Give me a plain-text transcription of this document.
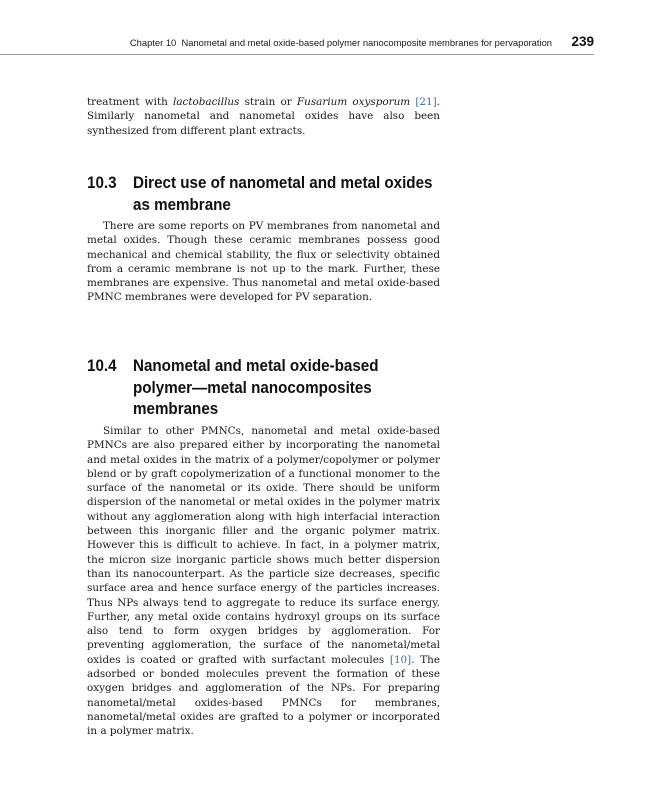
Chapter 10 Nanometal and metal oxide-based polymer nanocomposite membranes for pervaporation 239

treatment with lactobacillus strain or Fusarium oxysporum [21]. Similarly nanometal and nanometal oxides have also been synthesized from different plant extracts.

10.3 Direct use of nanometal and metal oxides as membrane

There are some reports on PV membranes from nanometal and metal oxides. Though these ceramic membranes possess good mechanical and chemical stability, the flux or selectivity obtained from a ceramic membrane is not up to the mark. Further, these membranes are expensive. Thus nanometal and metal oxide-based PMNC membranes were developed for PV separation.

10.4 Nanometal and metal oxide-based polymer—metal nanocomposites membranes

Similar to other PMNCs, nanometal and metal oxide-based PMNCs are also prepared either by incorporating the nanometal and metal oxides in the matrix of a polymer/copolymer or polymer blend or by graft copolymerization of a functional monomer to the surface of the nanometal or its oxide. There should be uniform dispersion of the nanometal or metal oxides in the polymer matrix without any agglomeration along with high interfacial interaction between this inorganic filler and the organic polymer matrix. However this is difficult to achieve. In fact, in a polymer matrix, the micron size inorganic particle shows much better dispersion than its nanocounterpart. As the particle size decreases, specific surface area and hence surface energy of the particles increases. Thus NPs always tend to aggregate to reduce its surface energy. Further, any metal oxide contains hydroxyl groups on its surface also tend to form oxygen bridges by agglomeration. For preventing agglomeration, the surface of the nanometal/metal oxides is coated or grafted with surfactant molecules [10]. The adsorbed or bonded molecules prevent the formation of these oxygen bridges and agglomeration of the NPs. For preparing nanometal/metal oxides-based PMNCs for membranes, nanometal/metal oxides are grafted to a polymer or incorporated in a polymer matrix.
